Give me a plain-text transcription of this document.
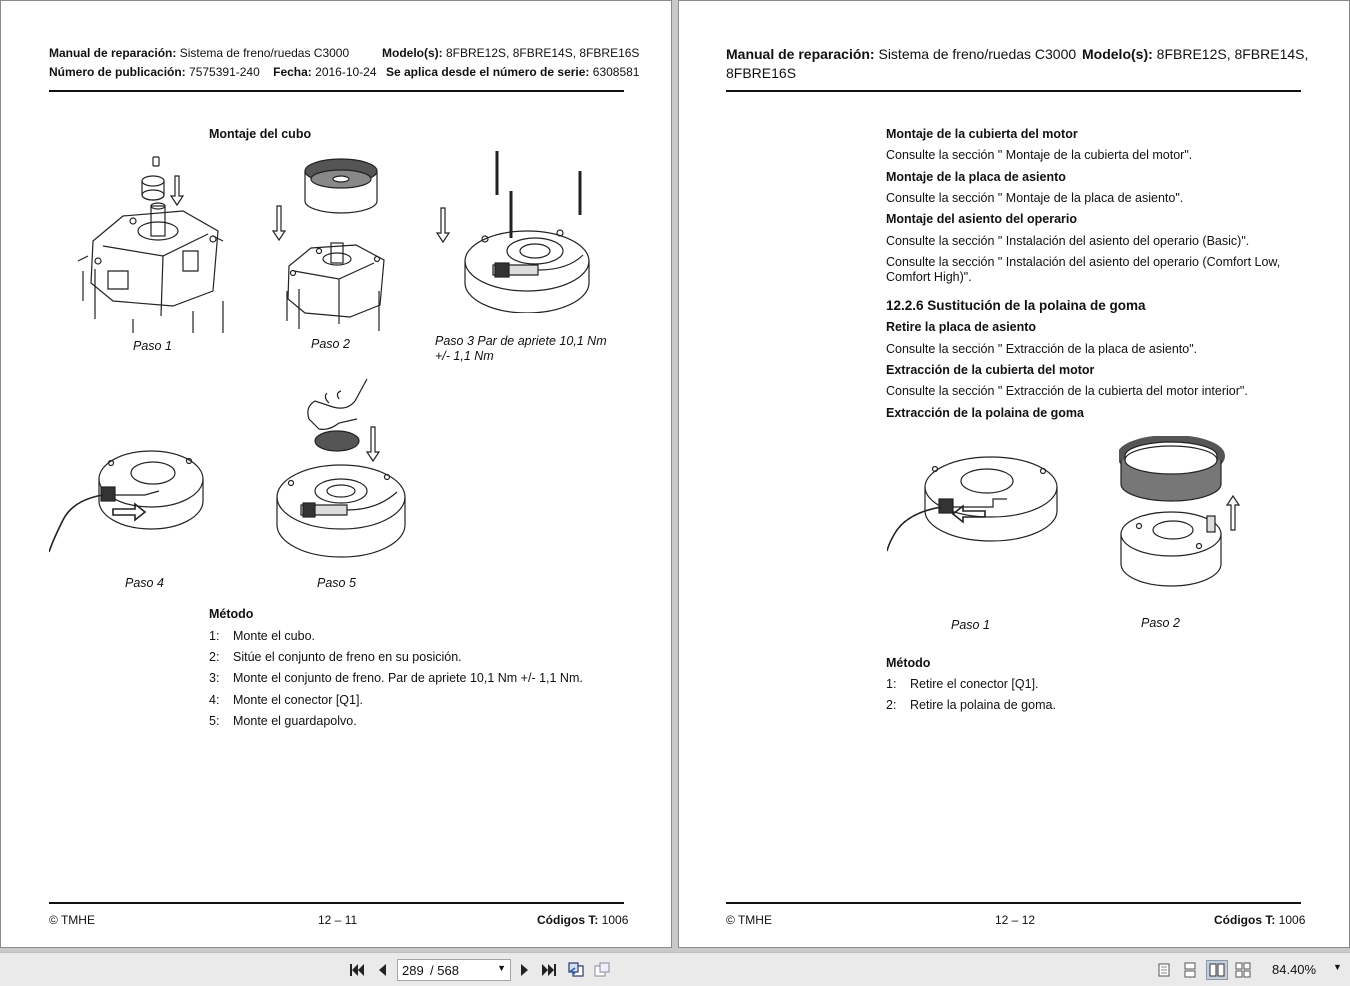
Manual de reparación: Sistema de freno/ruedas C3000	Modelo(s): 8FBRE12S, 8FBRE14S, 8FBRE16S
Número de publicación: 7575391-240 Fecha: 2016-10-24 Se aplica desde el número de serie: 6308581
Montaje del cubo
Paso 1	Paso 2	Paso 3 Par de apriete 10,1 Nm +/- 1,1 Nm
Paso 4	Paso 5
Método
1:	Monte el cubo.
2:	Sitúe el conjunto de freno en su posición.
3:	Monte el conjunto de freno. Par de apriete 10,1 Nm +/- 1,1 Nm.
4:	Monte el conector [Q1].
5:	Monte el guardapolvo.
© TMHE	12 – 11	Códigos T: 1006
Manual de reparación: Sistema de freno/ruedas C3000 Modelo(s): 8FBRE12S, 8FBRE14S,
8FBRE16S
Montaje de la cubierta del motor
Consulte la sección " Montaje de la cubierta del motor".
Montaje de la placa de asiento
Consulte la sección " Montaje de la placa de asiento".
Montaje del asiento del operario
Consulte la sección " Instalación del asiento del operario (Basic)".
Consulte la sección " Instalación del asiento del operario (Comfort Low,
Comfort High)".
12.2.6 Sustitución de la polaina de goma
Retire la placa de asiento
Consulte la sección " Extracción de la placa de asiento".
Extracción de la cubierta del motor
Consulte la sección " Extracción de la cubierta del motor interior".
Extracción de la polaina de goma
Paso 1	Paso 2
Método
1:	Retire el conector [Q1].
2:	Retire la polaina de goma.
© TMHE	12 – 12	Códigos T: 1006
289 /
568	▼	84.40% ▼
